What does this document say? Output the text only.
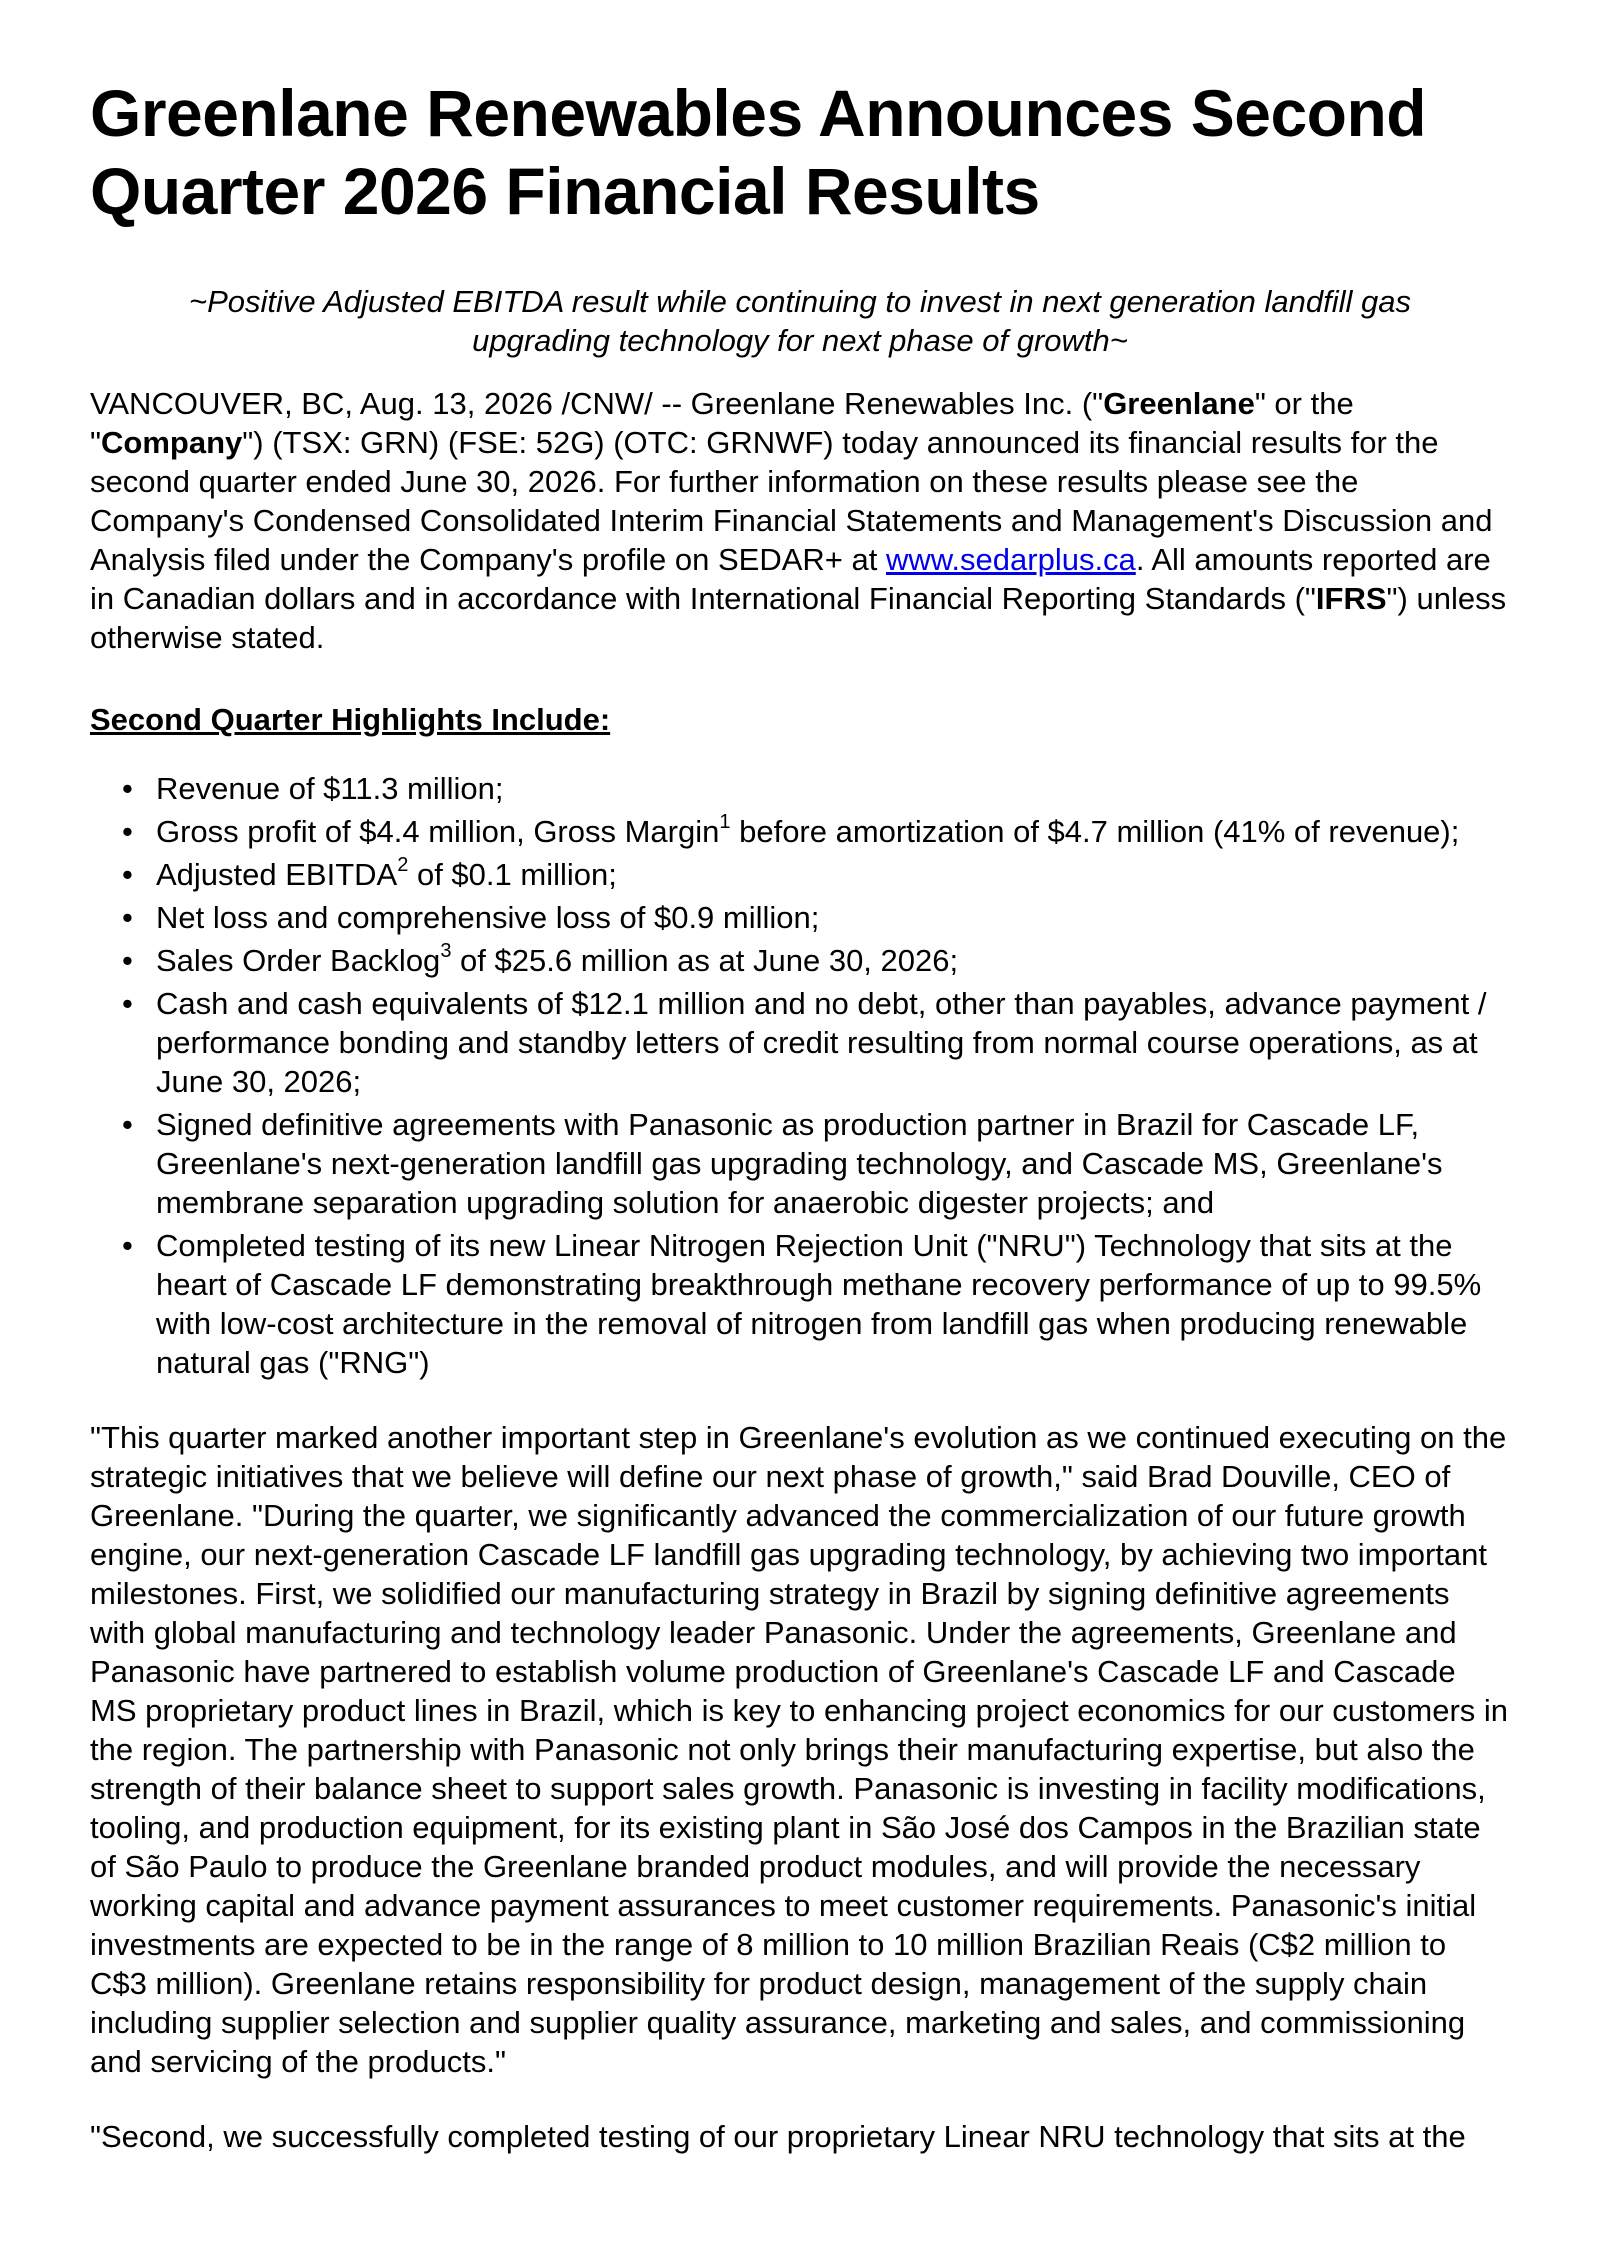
Greenlane Renewables Announces Second Quarter 2026 Financial Results

~Positive Adjusted EBITDA result while continuing to invest in next generation landfill gas upgrading technology for next phase of growth~

VANCOUVER, BC, Aug. 13, 2026 /CNW/ -- Greenlane Renewables Inc. ("Greenlane" or the "Company") (TSX: GRN) (FSE: 52G) (OTC: GRNWF) today announced its financial results for the second quarter ended June 30, 2026. For further information on these results please see the Company's Condensed Consolidated Interim Financial Statements and Management's Discussion and Analysis filed under the Company's profile on SEDAR+ at www.sedarplus.ca. All amounts reported are in Canadian dollars and in accordance with International Financial Reporting Standards ("IFRS") unless otherwise stated.

Second Quarter Highlights Include:

• Revenue of $11.3 million;
• Gross profit of $4.4 million, Gross Margin$^1$ before amortization of $4.7 million (41% of revenue);
• Adjusted EBITDA$^2$ of $0.1 million;
• Net loss and comprehensive loss of $0.9 million;
• Sales Order Backlog$^3$ of $25.6 million as at June 30, 2026;
• Cash and cash equivalents of $12.1 million and no debt, other than payables, advance payment / performance bonding and standby letters of credit resulting from normal course operations, as at June 30, 2026;
• Signed definitive agreements with Panasonic as production partner in Brazil for Cascade LF, Greenlane's next-generation landfill gas upgrading technology, and Cascade MS, Greenlane's membrane separation upgrading solution for anaerobic digester projects; and
• Completed testing of its new Linear Nitrogen Rejection Unit ("NRU") Technology that sits at the heart of Cascade LF demonstrating breakthrough methane recovery performance of up to 99.5% with low-cost architecture in the removal of nitrogen from landfill gas when producing renewable natural gas ("RNG")

"This quarter marked another important step in Greenlane's evolution as we continued executing on the strategic initiatives that we believe will define our next phase of growth," said Brad Douville, CEO of Greenlane. "During the quarter, we significantly advanced the commercialization of our future growth engine, our next-generation Cascade LF landfill gas upgrading technology, by achieving two important milestones. First, we solidified our manufacturing strategy in Brazil by signing definitive agreements with global manufacturing and technology leader Panasonic. Under the agreements, Greenlane and Panasonic have partnered to establish volume production of Greenlane's Cascade LF and Cascade MS proprietary product lines in Brazil, which is key to enhancing project economics for our customers in the region. The partnership with Panasonic not only brings their manufacturing expertise, but also the strength of their balance sheet to support sales growth. Panasonic is investing in facility modifications, tooling, and production equipment, for its existing plant in São José dos Campos in the Brazilian state of São Paulo to produce the Greenlane branded product modules, and will provide the necessary working capital and advance payment assurances to meet customer requirements. Panasonic's initial investments are expected to be in the range of 8 million to 10 million Brazilian Reais (C$2 million to C$3 million). Greenlane retains responsibility for product design, management of the supply chain including supplier selection and supplier quality assurance, marketing and sales, and commissioning and servicing of the products."

"Second, we successfully completed testing of our proprietary Linear NRU technology that sits at the
